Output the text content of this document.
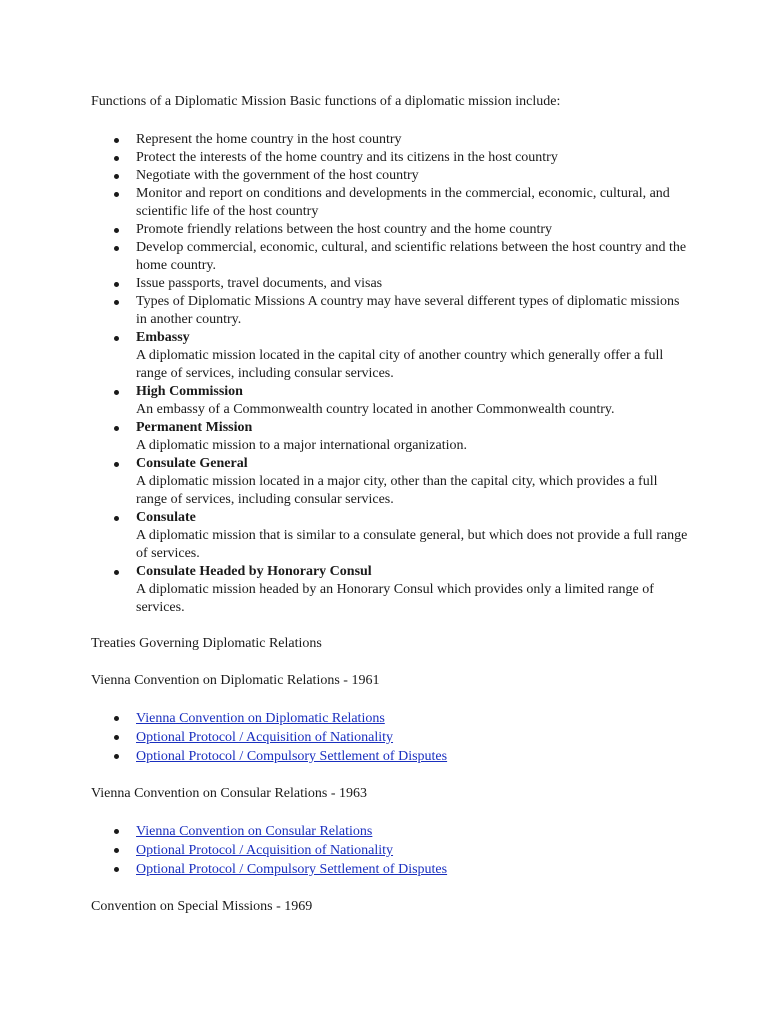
Functions of a Diplomatic Mission Basic functions of a diplomatic mission include:

Represent the home country in the host country
Protect the interests of the home country and its citizens in the host country
Negotiate with the government of the host country
Monitor and report on conditions and developments in the commercial, economic, cultural, and scientific life of the host country
Promote friendly relations between the host country and the home country
Develop commercial, economic, cultural, and scientific relations between the host country and the home country.
Issue passports, travel documents, and visas
Types of Diplomatic Missions A country may have several different types of diplomatic missions in another country.
Embassy
A diplomatic mission located in the capital city of another country which generally offer a full range of services, including consular services.
High Commission
An embassy of a Commonwealth country located in another Commonwealth country.
Permanent Mission
A diplomatic mission to a major international organization.
Consulate General
A diplomatic mission located in a major city, other than the capital city, which provides a full range of services, including consular services.
Consulate
A diplomatic mission that is similar to a consulate general, but which does not provide a full range of services.
Consulate Headed by Honorary Consul
A diplomatic mission headed by an Honorary Consul which provides only a limited range of services.

Treaties Governing Diplomatic Relations

Vienna Convention on Diplomatic Relations - 1961

Vienna Convention on Diplomatic Relations
Optional Protocol / Acquisition of Nationality
Optional Protocol / Compulsory Settlement of Disputes

Vienna Convention on Consular Relations - 1963

Vienna Convention on Consular Relations
Optional Protocol / Acquisition of Nationality
Optional Protocol / Compulsory Settlement of Disputes

Convention on Special Missions - 1969
